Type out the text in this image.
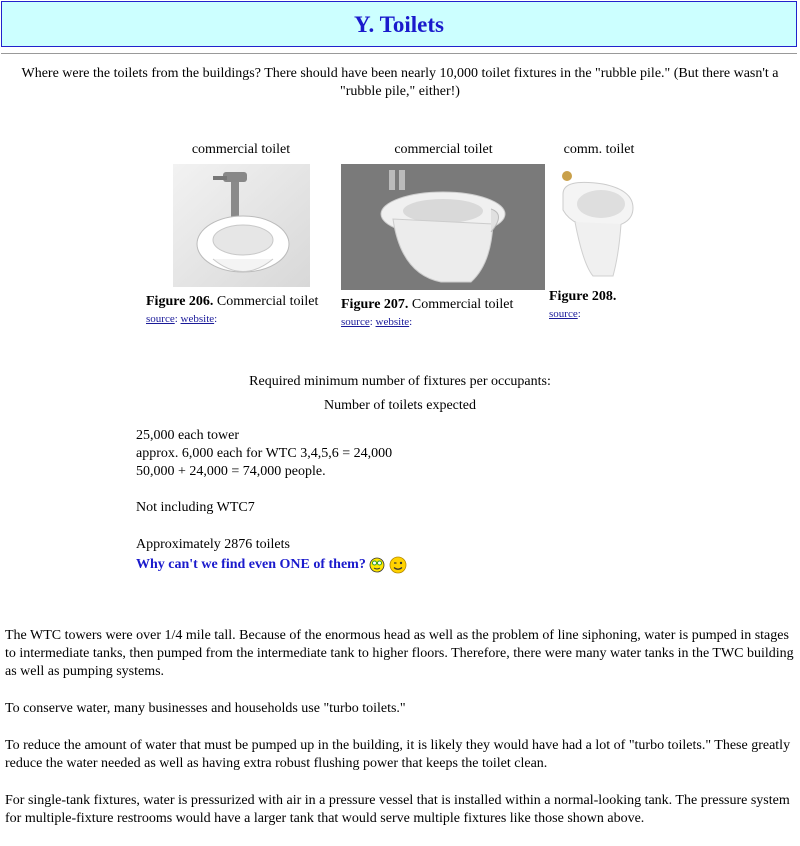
Y. Toilets
Where were the toilets from the buildings? There should have been nearly 10,000 toilet fixtures in the "rubble pile." (But there wasn't a "rubble pile," either!)
commercial toilet
Figure 206. Commercial toilet source: website:
commercial toilet
Figure 207. Commercial toilet
source: website:
comm. toilet
Figure 208.
source:
Required minimum number of fixtures per occupants:
Number of toilets expected
25,000 each tower
approx. 6,000 each for WTC 3,4,5,6 = 24,000
50,000 + 24,000 = 74,000 people.
Not including WTC7
Approximately 2876 toilets
Why can't we find even ONE of them?
The WTC towers were over 1/4 mile tall. Because of the enormous head as well as the problem of line siphoning, water is pumped in stages to intermediate tanks, then pumped from the intermediate tank to higher floors. Therefore, there were many water tanks in the TWC building as well as pumping systems.
To conserve water, many businesses and households use "turbo toilets."
To reduce the amount of water that must be pumped up in the building, it is likely they would have had a lot of "turbo toilets." These greatly reduce the water needed as well as having extra robust flushing power that keeps the toilet clean.
For single-tank fixtures, water is pressurized with air in a pressure vessel that is installed within a normal-looking tank. The pressure system for multiple-fixture restrooms would have a larger tank that would serve multiple fixtures like those shown above.
